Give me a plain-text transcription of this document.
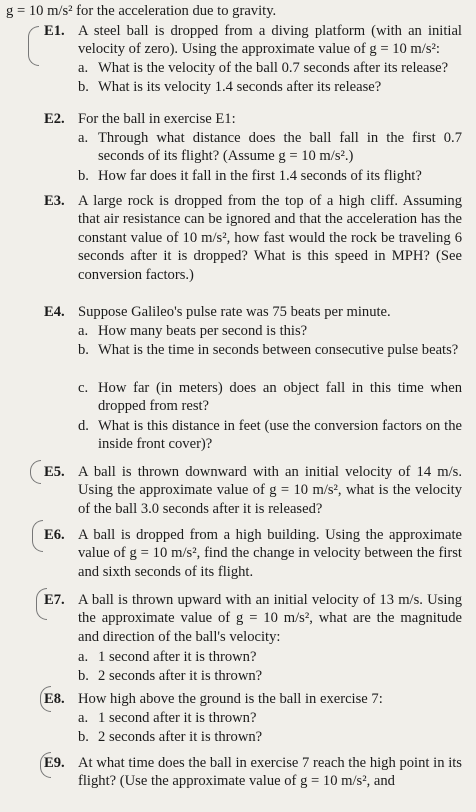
g = 10 m/s² for the acceleration due to gravity.
E1. A steel ball is dropped from a diving platform (with an initial velocity of zero). Using the approximate value of g = 10 m/s²:
a. What is the velocity of the ball 0.7 seconds after its release?
b. What is its velocity 1.4 seconds after its release?
E2. For the ball in exercise E1:
a. Through what distance does the ball fall in the first 0.7 seconds of its flight? (Assume g = 10 m/s².)
b. How far does it fall in the first 1.4 seconds of its flight?
E3. A large rock is dropped from the top of a high cliff. Assuming that air resistance can be ignored and that the acceleration has the constant value of 10 m/s², how fast would the rock be traveling 6 seconds after it is dropped? What is this speed in MPH? (See conversion factors.)
E4. Suppose Galileo's pulse rate was 75 beats per minute.
a. How many beats per second is this?
b. What is the time in seconds between consecutive pulse beats?
c. How far (in meters) does an object fall in this time when dropped from rest?
d. What is this distance in feet (use the conversion factors on the inside front cover)?
E5. A ball is thrown downward with an initial velocity of 14 m/s. Using the approximate value of g = 10 m/s², what is the velocity of the ball 3.0 seconds after it is released?
E6. A ball is dropped from a high building. Using the approximate value of g = 10 m/s², find the change in velocity between the first and sixth seconds of its flight.
E7. A ball is thrown upward with an initial velocity of 13 m/s. Using the approximate value of g = 10 m/s², what are the magnitude and direction of the ball's velocity:
a. 1 second after it is thrown?
b. 2 seconds after it is thrown?
E8. How high above the ground is the ball in exercise 7:
a. 1 second after it is thrown?
b. 2 seconds after it is thrown?
E9. At what time does the ball in exercise 7 reach the high point in its flight? (Use the approximate value of g = 10 m/s², and
